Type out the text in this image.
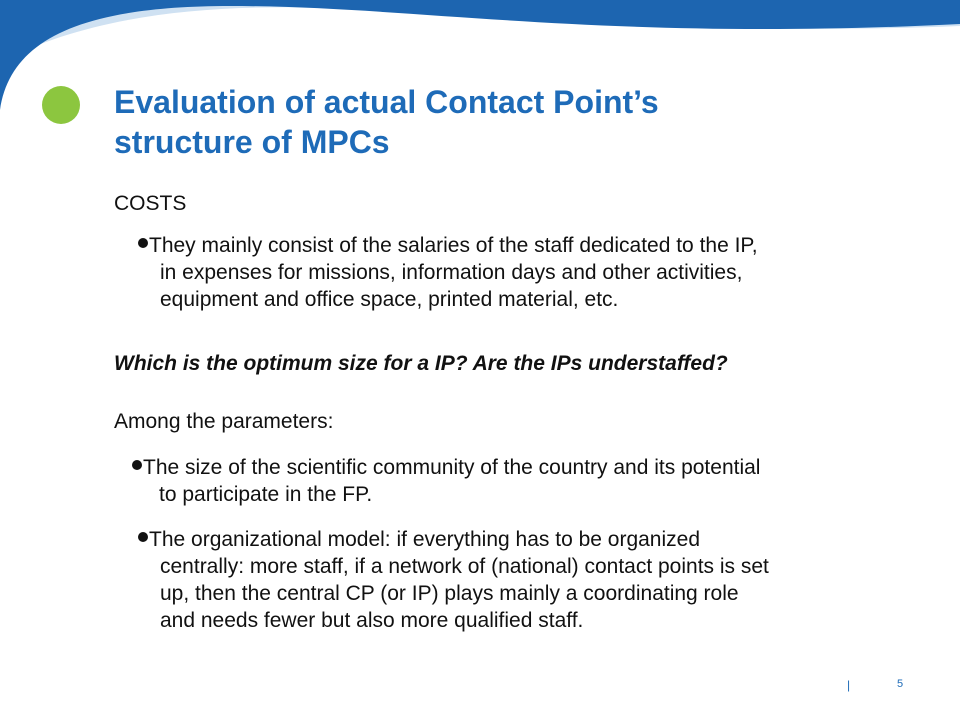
Evaluation of actual Contact Point’s
structure of MPCs

COSTS

They mainly consist of the salaries of the staff dedicated to the IP,
in expenses for missions, information days and other activities,
equipment and office space, printed material, etc.

Which is the optimum size for a IP? Are the IPs understaffed?

Among the parameters:

The size of the scientific community of the country and its potential
to participate in the FP.
The organizational model: if everything has to be organized
centrally: more staff, if a network of (national) contact points is set
up, then the central CP (or IP) plays mainly a coordinating role
and needs fewer but also more qualified staff.
|	5
